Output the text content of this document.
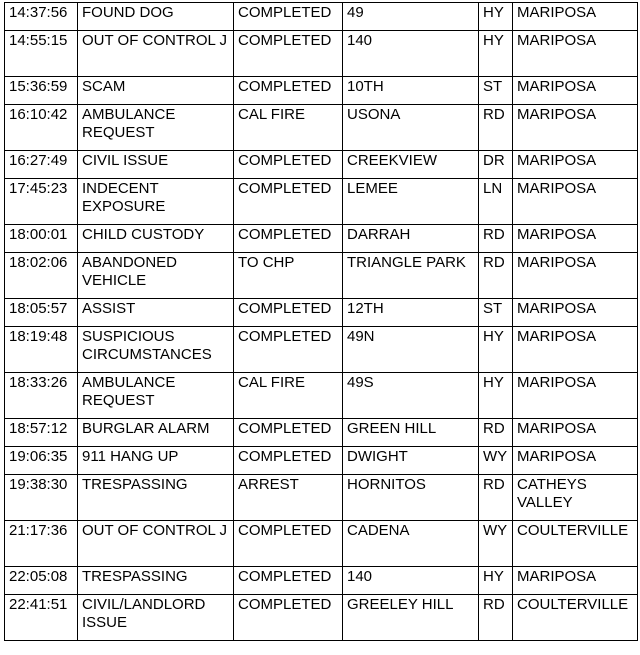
14:37:56	FOUND DOG	COMPLETED	49	HY	MARIPOSA
14:55:15	OUT OF CONTROL J	COMPLETED	140	HY	MARIPOSA
15:36:59	SCAM	COMPLETED	10TH	ST	MARIPOSA
16:10:42	AMBULANCE REQUEST	CAL FIRE	USONA	RD	MARIPOSA
16:27:49	CIVIL ISSUE	COMPLETED	CREEKVIEW	DR	MARIPOSA
17:45:23	INDECENT EXPOSURE	COMPLETED	LEMEE	LN	MARIPOSA
18:00:01	CHILD CUSTODY	COMPLETED	DARRAH	RD	MARIPOSA
18:02:06	ABANDONED VEHICLE	TO CHP	TRIANGLE PARK	RD	MARIPOSA
18:05:57	ASSIST	COMPLETED	12TH	ST	MARIPOSA
18:19:48	SUSPICIOUS CIRCUMSTANCES	COMPLETED	49N	HY	MARIPOSA
18:33:26	AMBULANCE REQUEST	CAL FIRE	49S	HY	MARIPOSA
18:57:12	BURGLAR ALARM	COMPLETED	GREEN HILL	RD	MARIPOSA
19:06:35	911 HANG UP	COMPLETED	DWIGHT	WY	MARIPOSA
19:38:30	TRESPASSING	ARREST	HORNITOS	RD	CATHEYS VALLEY
21:17:36	OUT OF CONTROL J	COMPLETED	CADENA	WY	COULTERVILLE
22:05:08	TRESPASSING	COMPLETED	140	HY	MARIPOSA
22:41:51	CIVIL/LANDLORD ISSUE	COMPLETED	GREELEY HILL	RD	COULTERVILLE
